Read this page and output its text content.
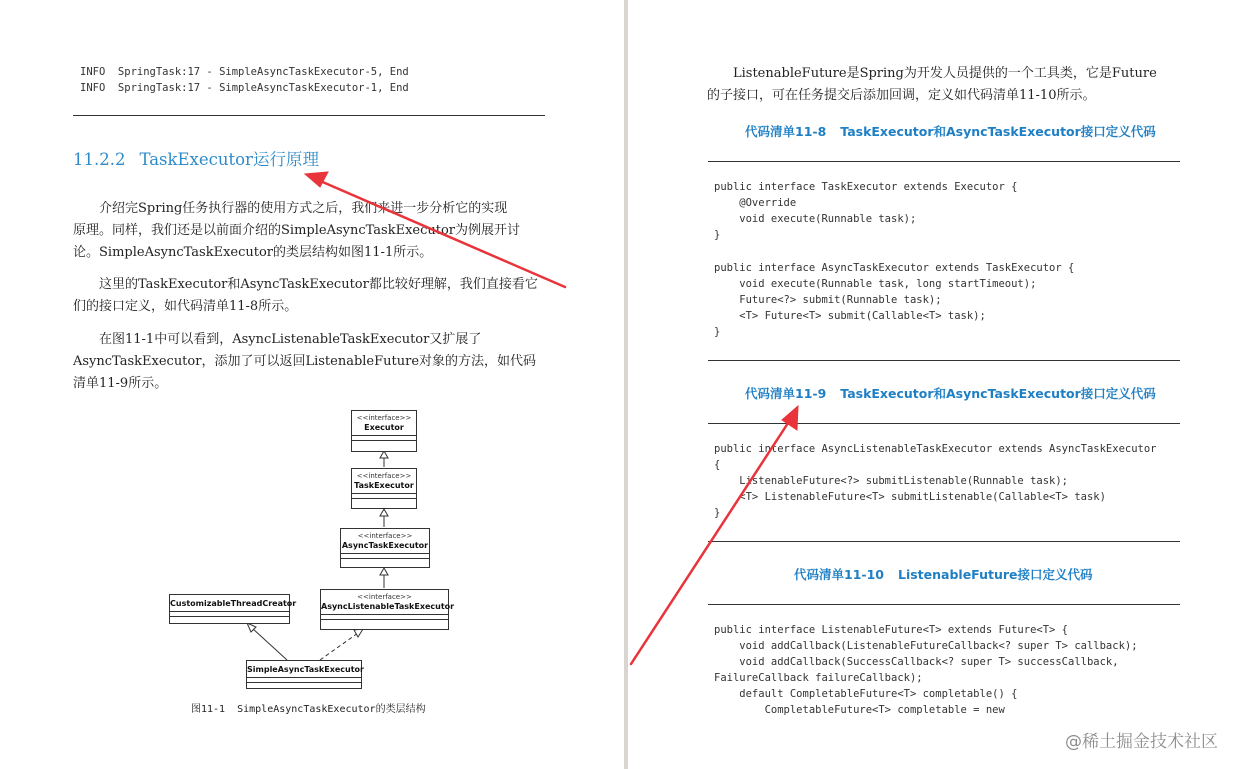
INFO  SpringTask:17 - SimpleAsyncTaskExecutor-5, End
INFO  SpringTask:17 - SimpleAsyncTaskExecutor-1, End
11.2.2 TaskExecutor运行原理

介绍完Spring任务执行器的使用方式之后，我们来进一步分析它的实现

原理。同样，我们还是以前面介绍的SimpleAsyncTaskExecutor为例展开讨

论。SimpleAsyncTaskExecutor的类层结构如图11-1所示。

这里的TaskExecutor和AsyncTaskExecutor都比较好理解，我们直接看它

们的接口定义，如代码清单11-8所示。

在图11-1中可以看到，AsyncListenableTaskExecutor又扩展了

AsyncTaskExecutor，添加了可以返回ListenableFuture对象的方法，如代码

清单11-9所示。

<<interface>>
Executor
<<interface>>
TaskExecutor
<<interface>>
AsyncTaskExecutor
CustomizableThreadCreator
<<interface>>
AsyncListenableTaskExecutor
SimpleAsyncTaskExecutor
图11-1 SimpleAsyncTaskExecutor的类层结构

ListenableFuture是Spring为开发人员提供的一个工具类，它是Future

的子接口，可在任务提交后添加回调，定义如代码清单11-10所示。

代码清单11-8 TaskExecutor和AsyncTaskExecutor接口定义代码
public interface TaskExecutor extends Executor {
@Override
void execute(Runnable task);
}
public interface AsyncTaskExecutor extends TaskExecutor {
void execute(Runnable task, long startTimeout);
Future<?> submit(Runnable task);
<T> Future<T> submit(Callable<T> task);
}
代码清单11-9 TaskExecutor和AsyncTaskExecutor接口定义代码
public interface AsyncListenableTaskExecutor extends AsyncTaskExecutor
{
ListenableFuture<?> submitListenable(Runnable task);
<T> ListenableFuture<T> submitListenable(Callable<T> task)
}
代码清单11-10 ListenableFuture接口定义代码
public interface ListenableFuture<T> extends Future<T> {
void addCallback(ListenableFutureCallback<? super T> callback);
void addCallback(SuccessCallback<? super T> successCallback,
FailureCallback failureCallback);
default CompletableFuture<T> completable() {
CompletableFuture<T> completable = new
@稀土掘金技术社区
